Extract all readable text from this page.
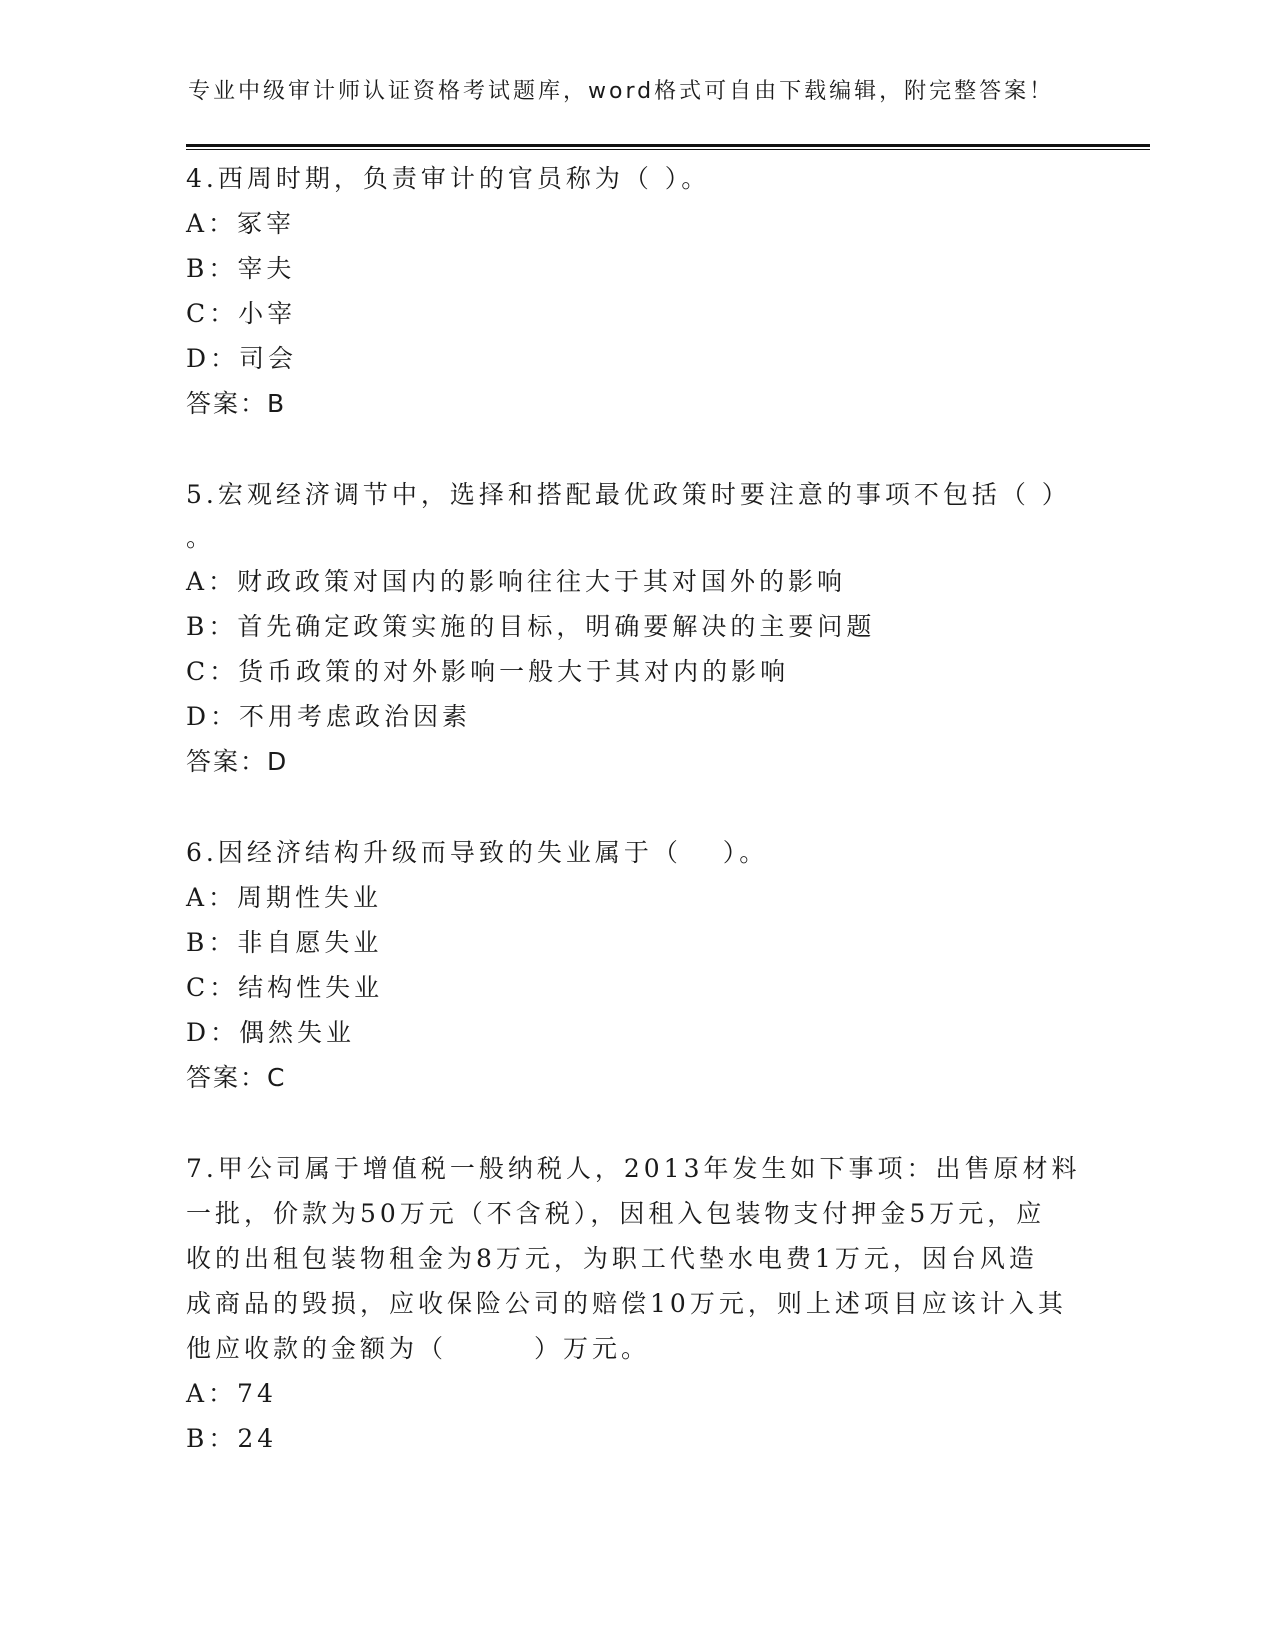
专业中级审计师认证资格考试题库，word格式可自由下载编辑，附完整答案！

4.西周时期，负责审计的官员称为（ ）。

A：冢宰

B：宰夫

C：小宰

D：司会

答案：B

5.宏观经济调节中，选择和搭配最优政策时要注意的事项不包括（ ）

。

A：财政政策对国内的影响往往大于其对国外的影响

B：首先确定政策实施的目标，明确要解决的主要问题

C：货币政策的对外影响一般大于其对内的影响

D：不用考虑政治因素

答案：D

6.因经济结构升级而导致的失业属于（　 ）。

A：周期性失业

B：非自愿失业

C：结构性失业

D：偶然失业

答案：C

7.甲公司属于增值税一般纳税人，2013年发生如下事项：出售原材料

一批，价款为50万元（不含税），因租入包装物支付押金5万元，应

收的出租包装物租金为8万元，为职工代垫水电费1万元，因台风造

成商品的毁损，应收保险公司的赔偿10万元，则上述项目应该计入其

他应收款的金额为（　　　）万元。

A：74

B：24
